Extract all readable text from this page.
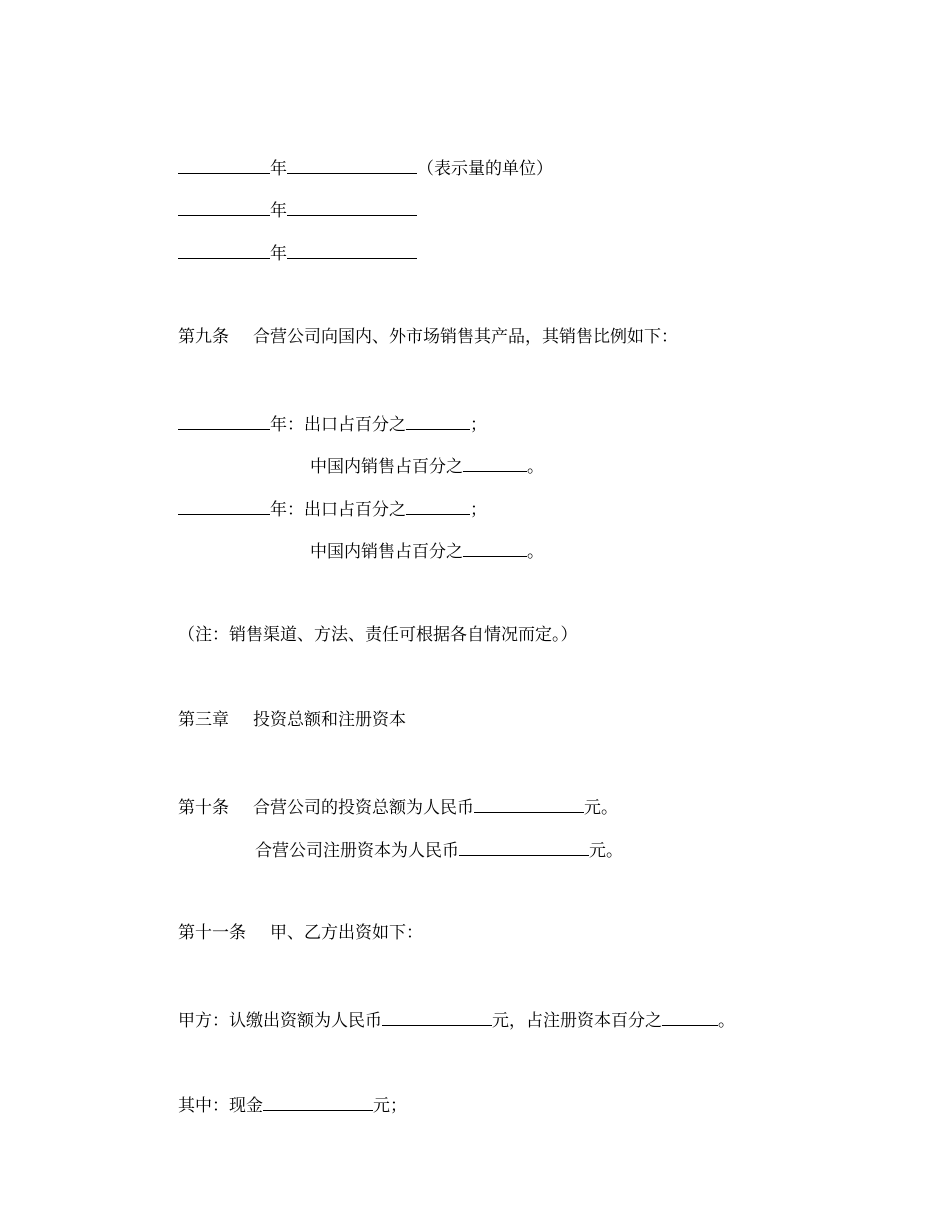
年	（表示量的单位）
年
年
第九条 合营公司向国内、外市场销售其产品，其销售比例如下：
年：出口占百分之	；
中国内销售占百分之	。
年：出口占百分之	；
中国内销售占百分之	。
（注：销售渠道、方法、责任可根据各自情况而定。）
第三章 投资总额和注册资本
第十条 合营公司的投资总额为人民币	元。
合营公司注册资本为人民币	元。
第十一条 甲、乙方出资如下：
甲方：认缴出资额为人民币	元，占注册资本百分之	。
其中：现金	元；
